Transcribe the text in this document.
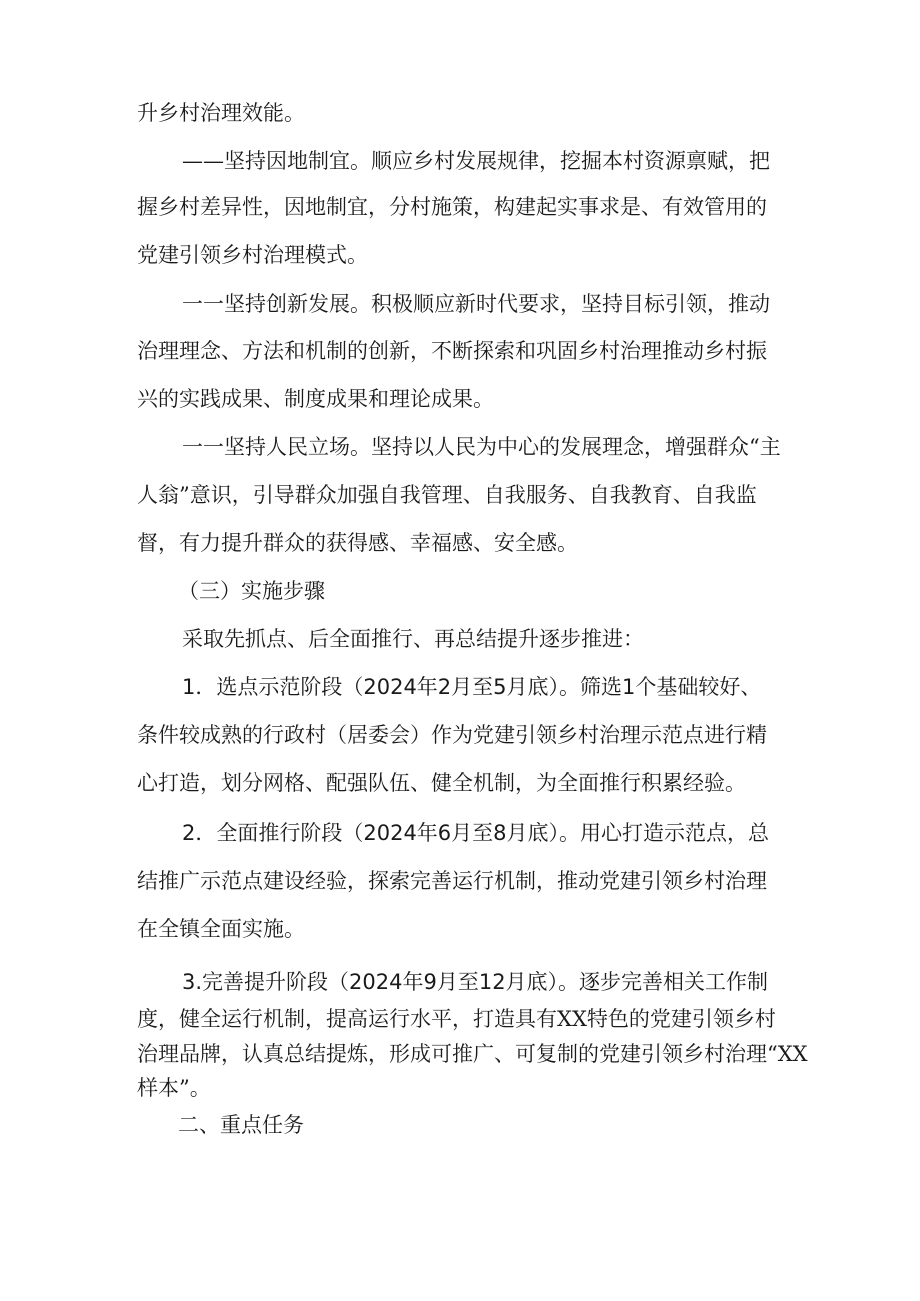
升乡村治理效能。

——坚持因地制宜。顺应乡村发展规律，挖掘本村资源禀赋，把

握乡村差异性，因地制宜，分村施策，构建起实事求是、有效管用的

党建引领乡村治理模式。

一一坚持创新发展。积极顺应新时代要求，坚持目标引领，推动

治理理念、方法和机制的创新，不断探索和巩固乡村治理推动乡村振

兴的实践成果、制度成果和理论成果。

一一坚持人民立场。坚持以人民为中心的发展理念，增强群众“主

人翁”意识，引导群众加强自我管理、自我服务、自我教育、自我监

督，有力提升群众的获得感、幸福感、安全感。

（三）实施步骤

采取先抓点、后全面推行、再总结提升逐步推进：

1．选点示范阶段（2024年2月至5月底）。筛选1个基础较好、

条件较成熟的行政村（居委会）作为党建引领乡村治理示范点进行精

心打造，划分网格、配强队伍、健全机制，为全面推行积累经验。

2．全面推行阶段（2024年6月至8月底）。用心打造示范点，总

结推广示范点建设经验，探索完善运行机制，推动党建引领乡村治理

在全镇全面实施。

3.完善提升阶段（2024年9月至12月底）。逐步完善相关工作制

度，健全运行机制，提高运行水平，打造具有XX特色的党建引领乡村

治理品牌，认真总结提炼，形成可推广、可复制的党建引领乡村治理“XX

样本”。

二、重点任务
